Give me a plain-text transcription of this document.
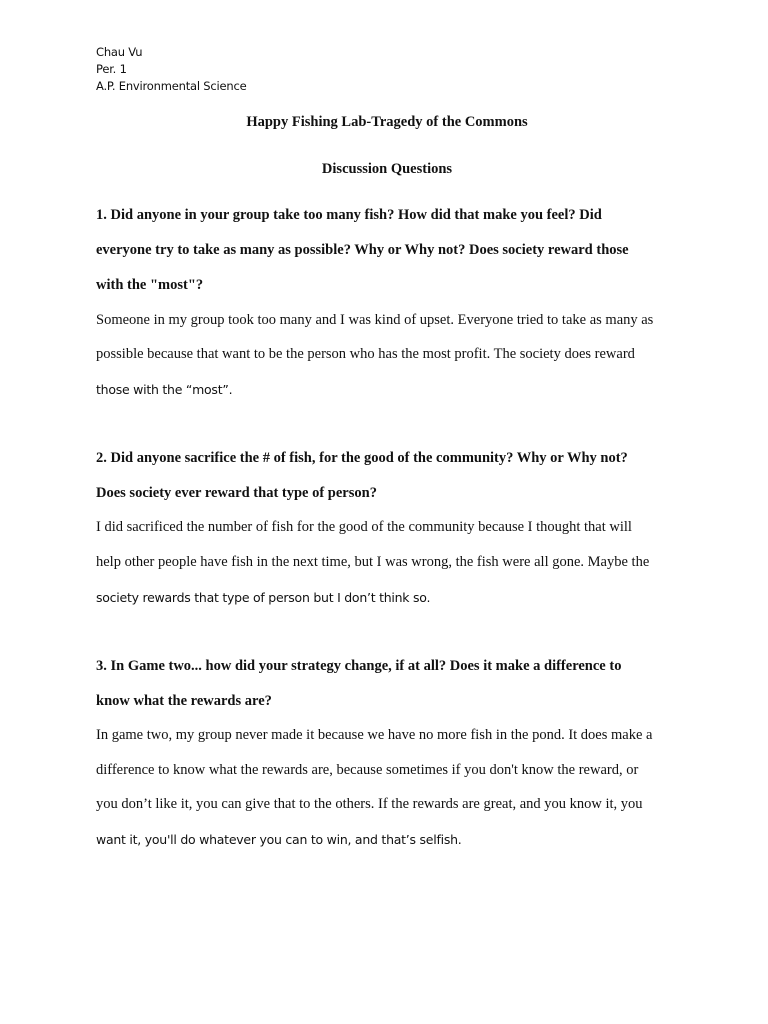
Chau Vu
Per. 1
A.P. Environmental Science
Happy Fishing Lab-Tragedy of the Commons
Discussion Questions
1. Did anyone in your group take too many fish? How did that make you feel? Did
everyone try to take as many as possible? Why or Why not? Does society reward those
with the "most"?
Someone in my group took too many and I was kind of upset. Everyone tried to take as many as
possible because that want to be the person who has the most profit. The society does reward
those with the “most”.
2. Did anyone sacrifice the # of fish, for the good of the community? Why or Why not?
Does society ever reward that type of person?
I did sacrificed the number of fish for the good of the community because I thought that will
help other people have fish in the next time, but I was wrong, the fish were all gone. Maybe the
society rewards that type of person but I don’t think so.
3. In Game two... how did your strategy change, if at all? Does it make a difference to
know what the rewards are?
In game two, my group never made it because we have no more fish in the pond. It does make a
difference to know what the rewards are, because sometimes if you don't know the reward, or
you don’t like it, you can give that to the others. If the rewards are great, and you know it, you
want it, you'll do whatever you can to win, and that’s selfish.
